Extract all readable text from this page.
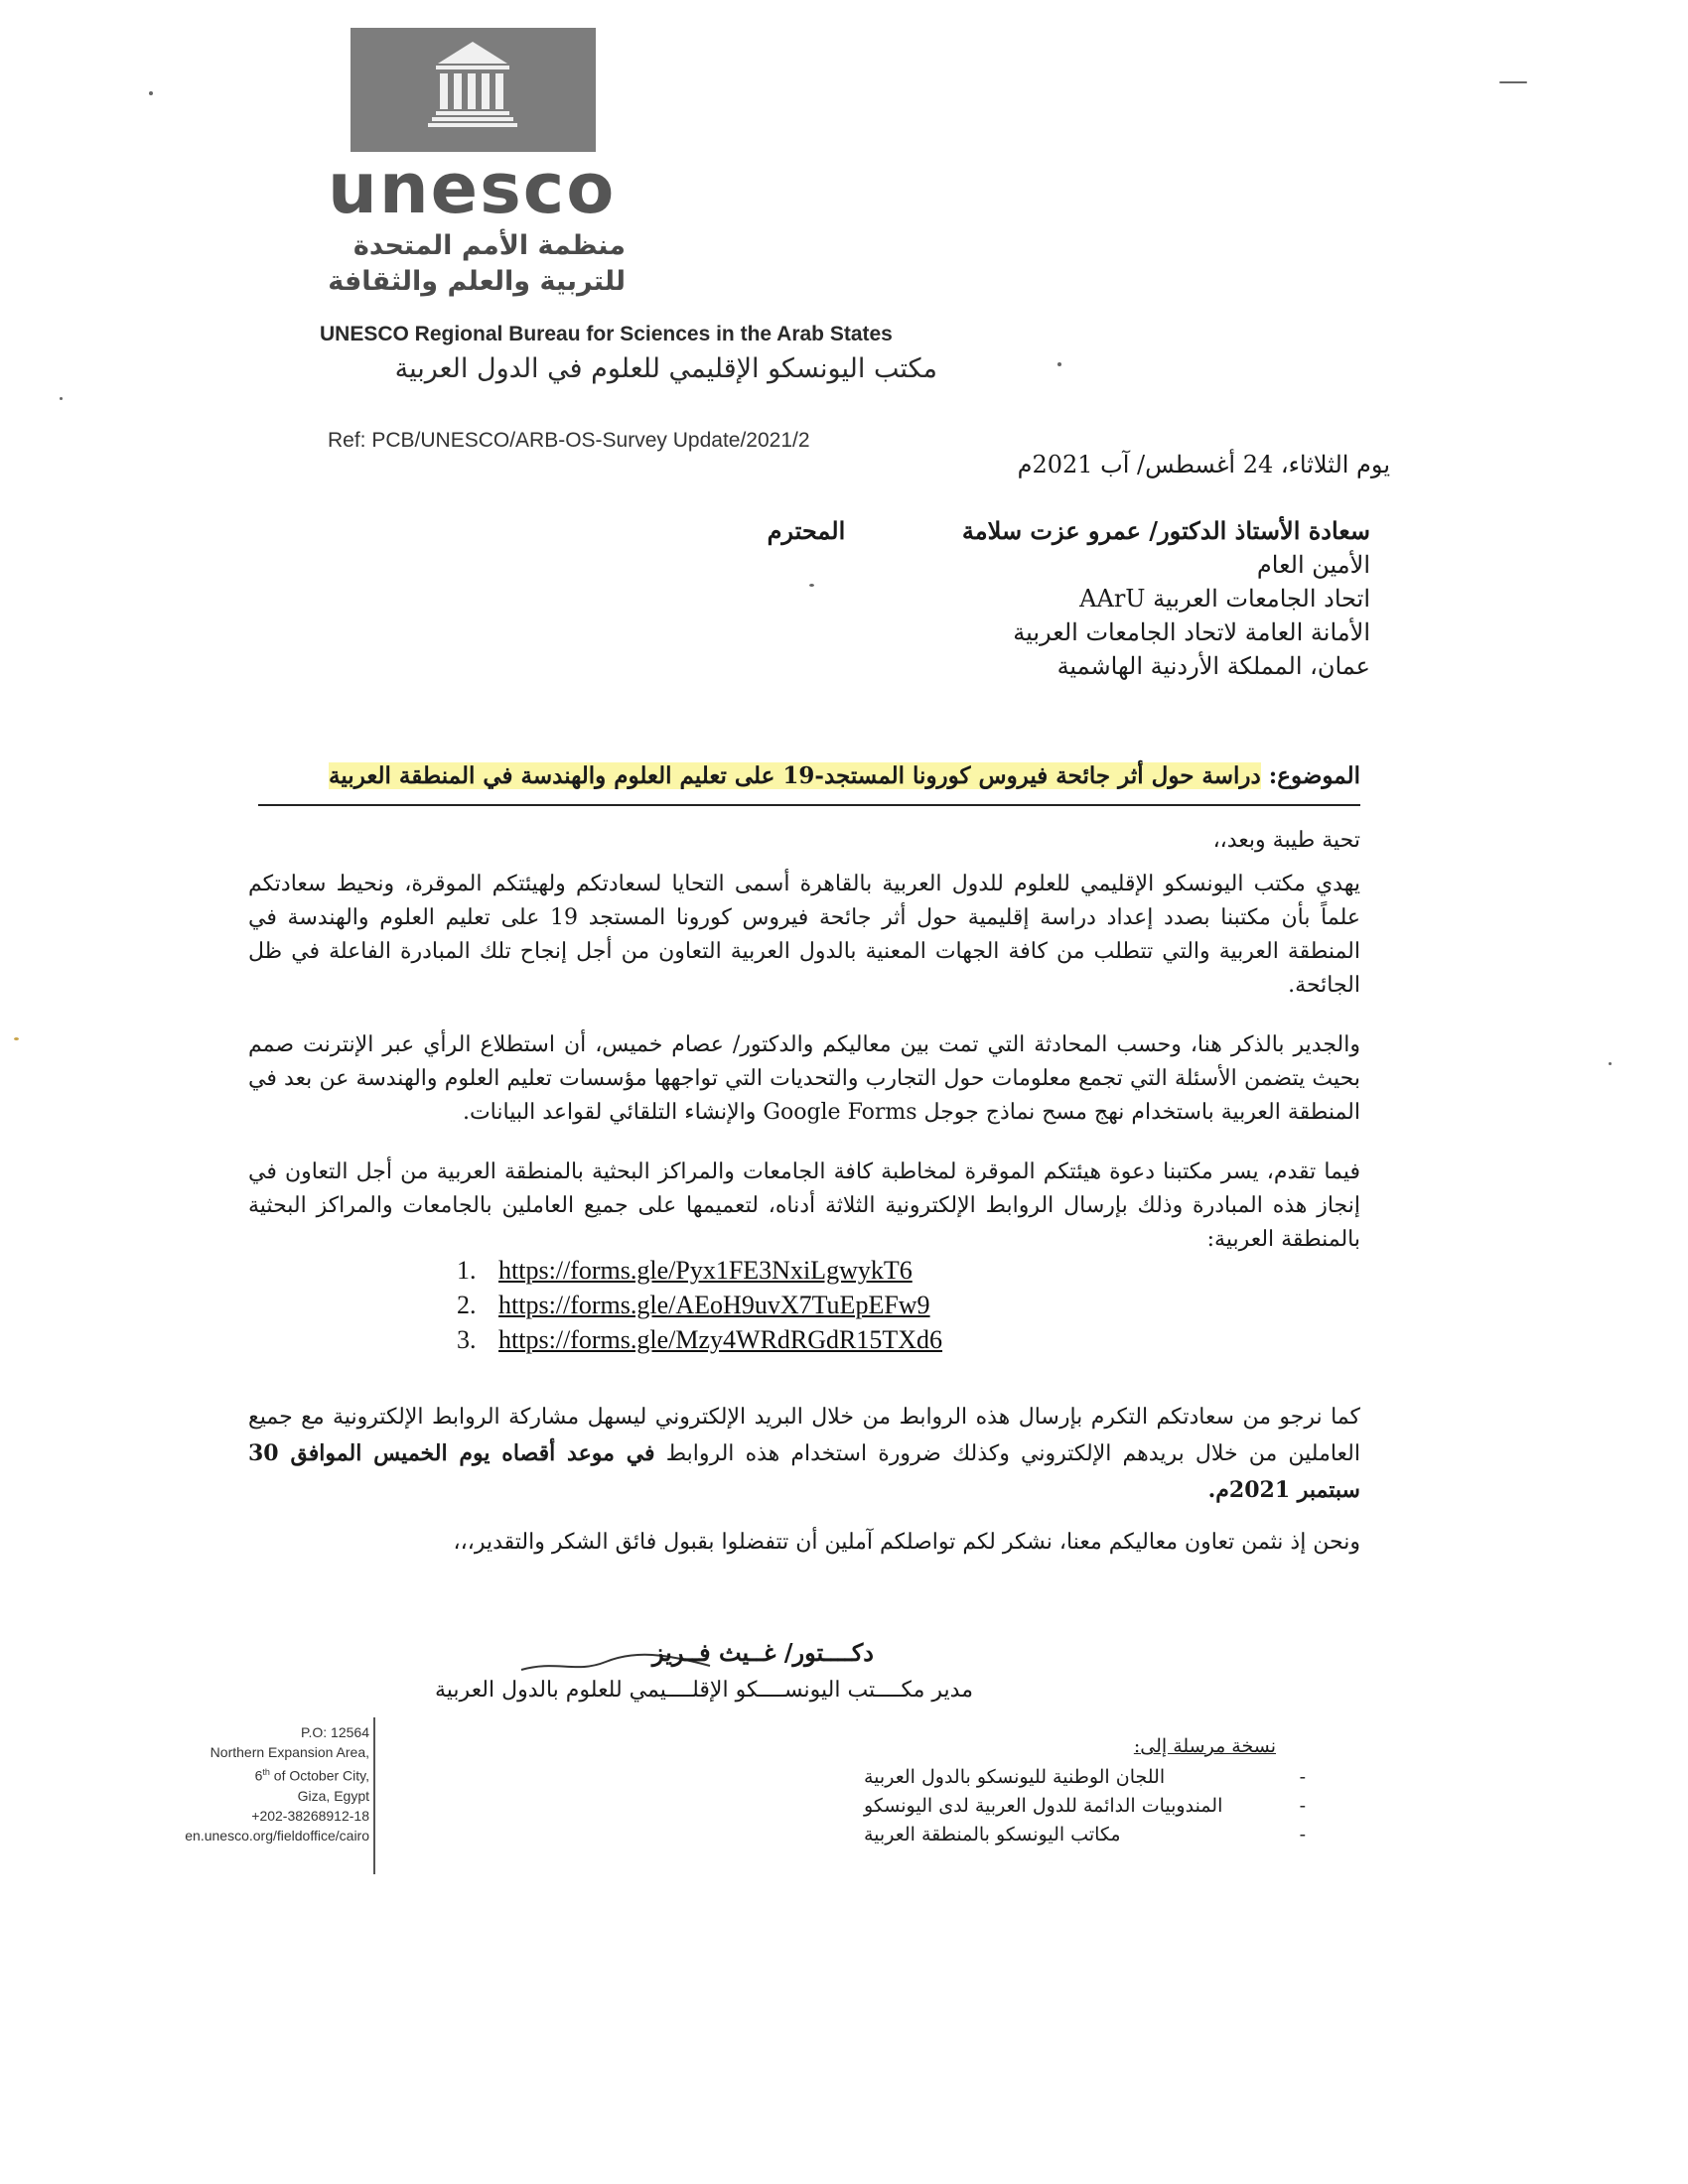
unesco
منظمة الأمم المتحدة
للتربية والعلم والثقافة
UNESCO Regional Bureau for Sciences in the Arab States
مكتب اليونسكو الإقليمي للعلوم في الدول العربية
Ref: PCB/UNESCO/ARB-OS-Survey Update/2021/2
يوم الثلاثاء، 24 أغسطس/ آب 2021م
سعادة الأستاذ الدكتور/ عمرو عزت سلامة المحترم
الأمين العام
اتحاد الجامعات العربية AArU
الأمانة العامة لاتحاد الجامعات العربية
عمان، المملكة الأردنية الهاشمية
الموضوع: دراسة حول أثر جائحة فيروس كورونا المستجد-19 على تعليم العلوم والهندسة في المنطقة العربية

تحية طيبة وبعد،،

يهدي مكتب اليونسكو الإقليمي للعلوم للدول العربية بالقاهرة أسمى التحايا لسعادتكم ولهيئتكم الموقرة، ونحيط سعادتكم علماً بأن مكتبنا بصدد إعداد دراسة إقليمية حول أثر جائحة فيروس كورونا المستجد 19 على تعليم العلوم والهندسة في المنطقة العربية والتي تتطلب من كافة الجهات المعنية بالدول العربية التعاون من أجل إنجاح تلك المبادرة الفاعلة في ظل الجائحة.

والجدير بالذكر هنا، وحسب المحادثة التي تمت بين معاليكم والدكتور/ عصام خميس، أن استطلاع الرأي عبر الإنترنت صمم بحيث يتضمن الأسئلة التي تجمع معلومات حول التجارب والتحديات التي تواجهها مؤسسات تعليم العلوم والهندسة عن بعد في المنطقة العربية باستخدام نهج مسح نماذج جوجل Google Forms والإنشاء التلقائي لقواعد البيانات.

فيما تقدم، يسر مكتبنا دعوة هيئتكم الموقرة لمخاطبة كافة الجامعات والمراكز البحثية بالمنطقة العربية من أجل التعاون في إنجاز هذه المبادرة وذلك بإرسال الروابط الإلكترونية الثلاثة أدناه، لتعميمها على جميع العاملين بالجامعات والمراكز البحثية بالمنطقة العربية:

1. https://forms.gle/Pyx1FE3NxiLgwykT6
2. https://forms.gle/AEoH9uvX7TuEpEFw9
3. https://forms.gle/Mzy4WRdRGdR15TXd6

كما نرجو من سعادتكم التكرم بإرسال هذه الروابط من خلال البريد الإلكتروني ليسهل مشاركة الروابط الإلكترونية مع جميع العاملين من خلال بريدهم الإلكتروني وكذلك ضرورة استخدام هذه الروابط في موعد أقصاه يوم الخميس الموافق 30 سبتمبر 2021م.

ونحن إذ نثمن تعاون معاليكم معنا، نشكر لكم تواصلكم آملين أن تتفضلوا بقبول فائق الشكر والتقدير،،،

دكــــتور/ غــيث فــريز
مدير مكــــتب اليونســــكو الإقلــــيمي للعلوم بالدول العربية
P.O: 12564
Northern Expansion Area,
6th of October City,
Giza, Egypt
+202-38268912-18
en.unesco.org/fieldoffice/cairo
نسخة مرسلة إلى:
اللجان الوطنية لليونسكو بالدول العربية	-
المندوبيات الدائمة للدول العربية لدى اليونسكو	-
مكاتب اليونسكو بالمنطقة العربية	-
